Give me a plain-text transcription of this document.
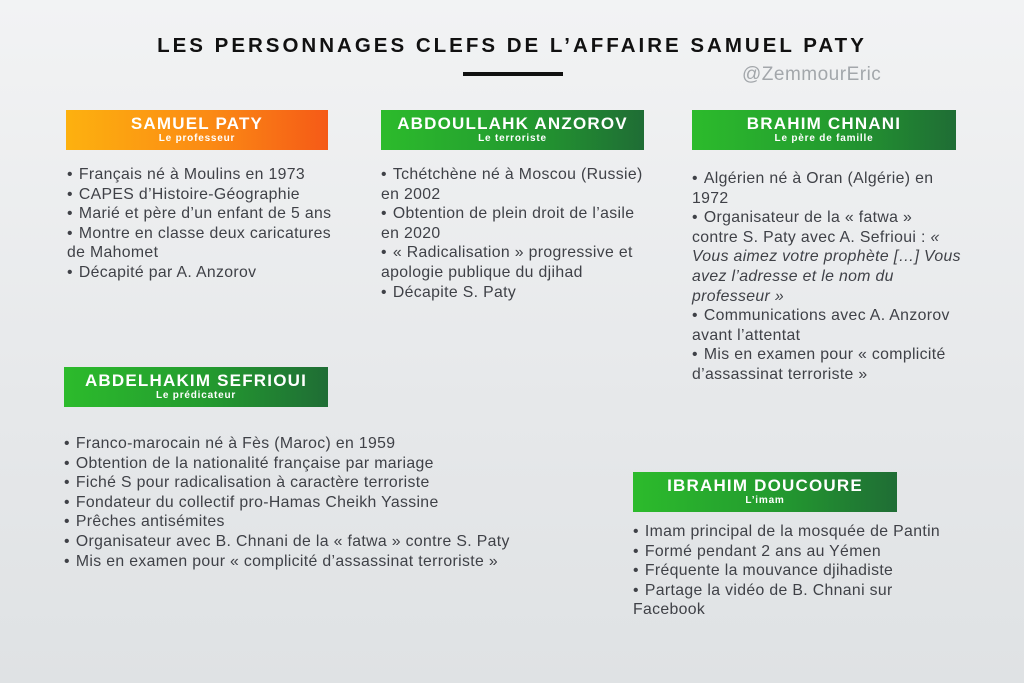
LES PERSONNAGES CLEFS DE L’AFFAIRE SAMUEL PATY
@ZemmourEric
SAMUEL PATY
Le professeur
• Français né à Moulins en 1973
• CAPES d’Histoire-Géographie
• Marié et père d’un enfant de 5 ans
• Montre en classe deux caricatures de Mahomet
• Décapité par A. Anzorov
ABDOULLAHK ANZOROV
Le terroriste
• Tchétchène né à Moscou (Russie) en 2002
• Obtention de plein droit de l’asile en 2020
• « Radicalisation » progressive et apologie publique du djihad
• Décapite S. Paty
BRAHIM CHNANI
Le père de famille
• Algérien né à Oran (Algérie) en 1972
• Organisateur de la « fatwa » contre S. Paty avec A. Sefrioui : « Vous aimez votre prophète […] Vous avez l’adresse et le nom du professeur »
• Communications avec A. Anzorov avant l’attentat
• Mis en examen pour « complicité d’assassinat terroriste »
ABDELHAKIM SEFRIOUI
Le prédicateur
• Franco-marocain né à Fès (Maroc) en 1959
• Obtention de la nationalité française par mariage
• Fiché S pour radicalisation à caractère terroriste
• Fondateur du collectif pro-Hamas Cheikh Yassine
• Prêches antisémites
• Organisateur avec B. Chnani de la « fatwa » contre S. Paty
• Mis en examen pour « complicité d’assassinat terroriste »
IBRAHIM DOUCOURE
L’imam
• Imam principal de la mosquée de Pantin
• Formé pendant 2 ans au Yémen
• Fréquente la mouvance djihadiste
• Partage la vidéo de B. Chnani sur Facebook
